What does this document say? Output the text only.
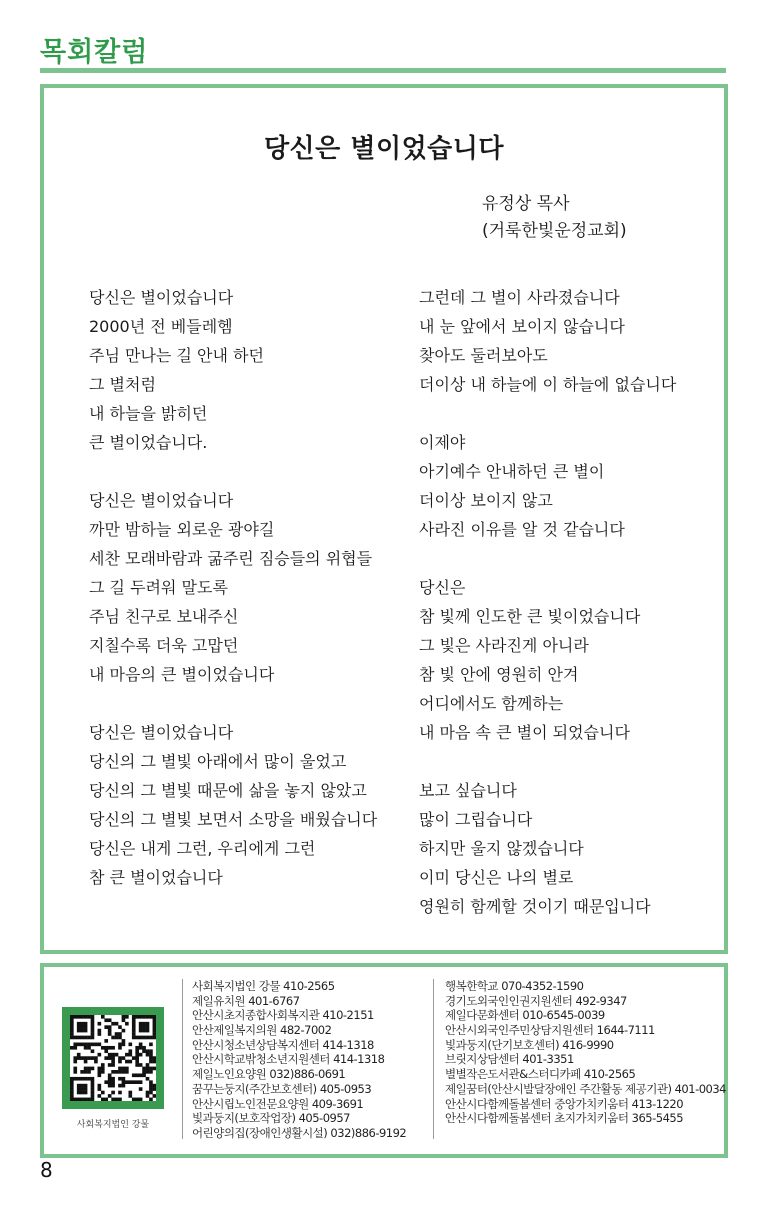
목회칼럼
당신은 별이었습니다
유정상 목사
(거룩한빛운정교회)
당신은 별이었습니다
2000년 전 베들레헴
주님 만나는 길 안내 하던
그 별처럼
내 하늘을 밝히던
큰 별이었습니다.
당신은 별이었습니다
까만 밤하늘 외로운 광야길
세찬 모래바람과 굶주린 짐승들의 위협들
그 길 두려워 말도록
주님 친구로 보내주신
지칠수록 더욱 고맙던
내 마음의 큰 별이었습니다
당신은 별이었습니다
당신의 그 별빛 아래에서 많이 울었고
당신의 그 별빛 때문에 삶을 놓지 않았고
당신의 그 별빛 보면서 소망을 배웠습니다
당신은 내게 그런, 우리에게 그런
참 큰 별이었습니다
그런데 그 별이 사라졌습니다
내 눈 앞에서 보이지 않습니다
찾아도 둘러보아도
더이상 내 하늘에 이 하늘에 없습니다
이제야
아기예수 안내하던 큰 별이
더이상 보이지 않고
사라진 이유를 알 것 같습니다
당신은
참 빛께 인도한 큰 빛이었습니다
그 빛은 사라진게 아니라
참 빛 안에 영원히 안겨
어디에서도 함께하는
내 마음 속 큰 별이 되었습니다
보고 싶습니다
많이 그립습니다
하지만 울지 않겠습니다
이미 당신은 나의 별로
영원히 함께할 것이기 때문입니다
사회복지법인 강물
사회복지법인 강물 410-2565
제일유치원 401-6767
안산시초지종합사회복지관 410-2151
안산제일복지의원 482-7002
안산시청소년상담복지센터 414-1318
안산시학교밖청소년지원센터 414-1318
제일노인요양원 032)886-0691
꿈꾸는둥지(주간보호센터) 405-0953
안산시립노인전문요양원 409-3691
빛과둥지(보호작업장) 405-0957
어린양의집(장애인생활시설) 032)886-9192
행복한학교 070-4352-1590
경기도외국인인권지원센터 492-9347
제일다문화센터 010-6545-0039
안산시외국인주민상담지원센터 1644-7111
빛과둥지(단기보호센터) 416-9990
브릿지상담센터 401-3351
별별작은도서관&스터디카페 410-2565
제일꿈터(안산시발달장애인 주간활동 제공기관) 401-0034
안산시다함께돌봄센터 중앙가치키움터 413-1220
안산시다함께돌봄센터 초지가치키움터 365-5455
8
